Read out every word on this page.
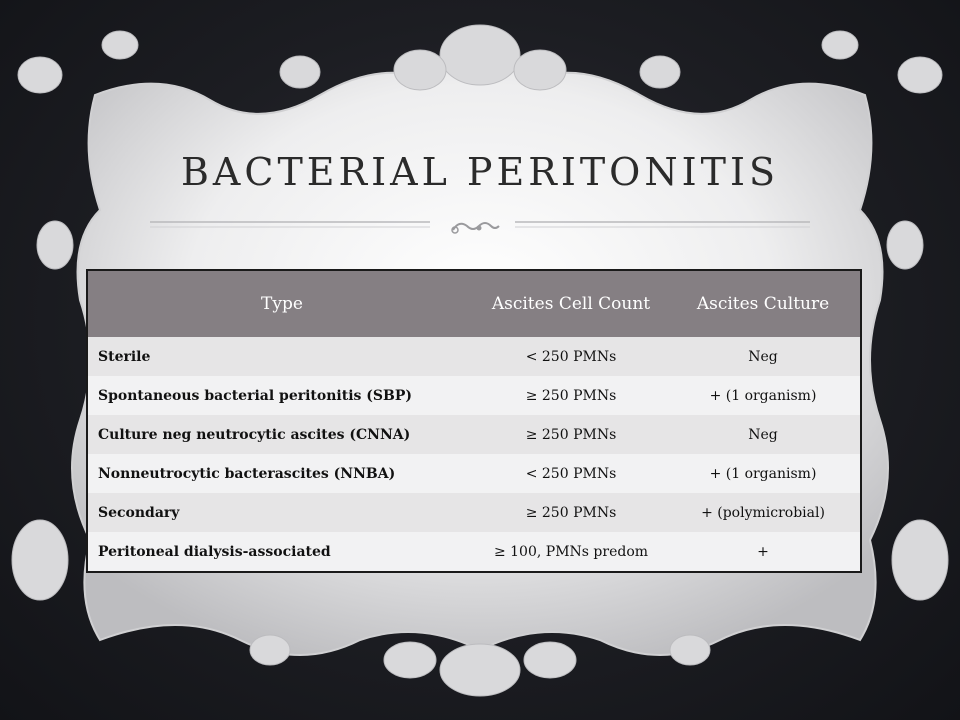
BACTERIAL PERITONITIS
Type	Ascites Cell Count	Ascites Culture
Sterile	< 250 PMNs	Neg
Spontaneous bacterial peritonitis (SBP)	≥ 250 PMNs	+ (1 organism)
Culture neg neutrocytic ascites (CNNA)	≥ 250 PMNs	Neg
Nonneutrocytic bacterascites (NNBA)	< 250 PMNs	+ (1 organism)
Secondary	≥ 250 PMNs	+ (polymicrobial)
Peritoneal dialysis-associated	≥ 100, PMNs predom	+
